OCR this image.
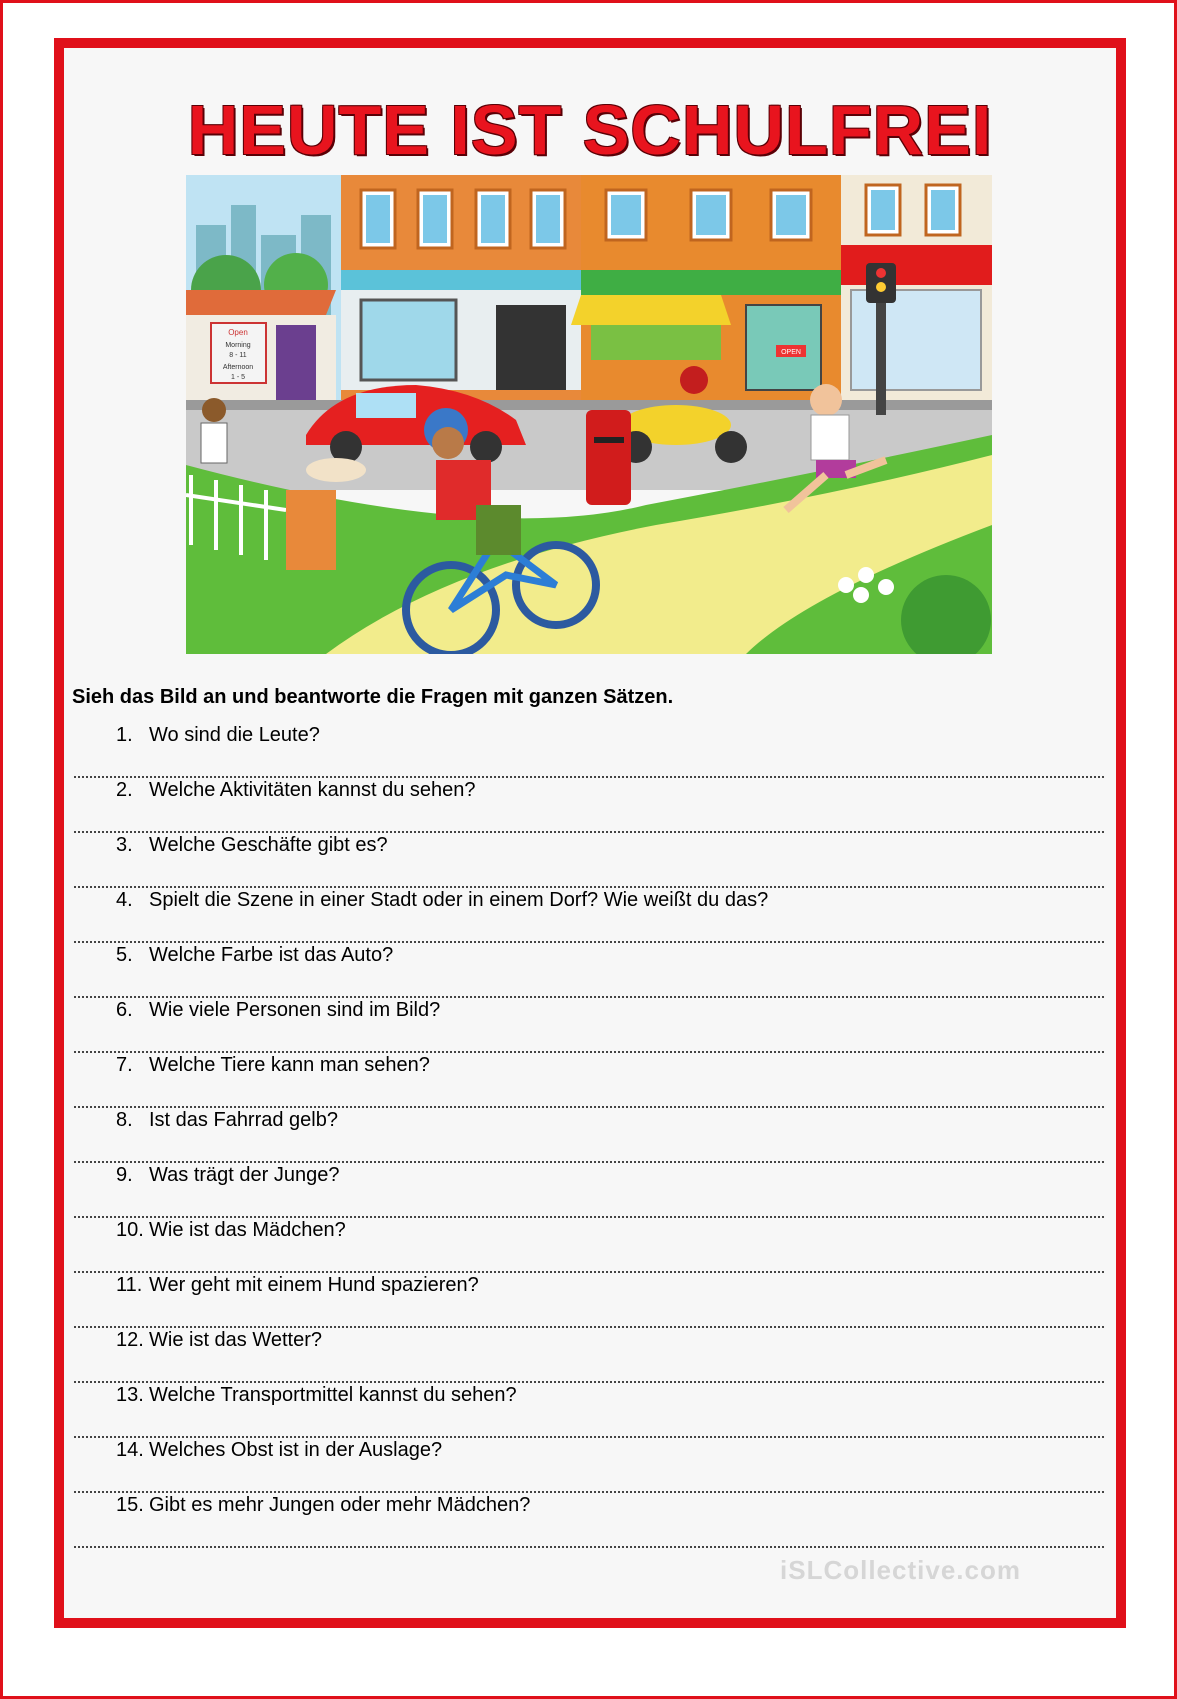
HEUTE IST SCHULFREI
Open
Morning
8 - 11
Afternoon
1 - 5
OPEN
Sieh das Bild an und beantworte die Fragen mit ganzen Sätzen.
1. Wo sind die Leute?
2. Welche Aktivitäten kannst du sehen?
3. Welche Geschäfte gibt es?
4. Spielt die Szene in einer Stadt oder in einem Dorf? Wie weißt du das?
5. Welche Farbe ist das Auto?
6. Wie viele Personen sind im Bild?
7. Welche Tiere kann man sehen?
8. Ist das Fahrrad gelb?
9. Was trägt der Junge?
10. Wie ist das Mädchen?
11. Wer geht mit einem Hund spazieren?
12. Wie ist das Wetter?
13. Welche Transportmittel kannst du sehen?
14. Welches Obst ist in der Auslage?
15. Gibt es mehr Jungen oder mehr Mädchen?
iSLCollective.com
